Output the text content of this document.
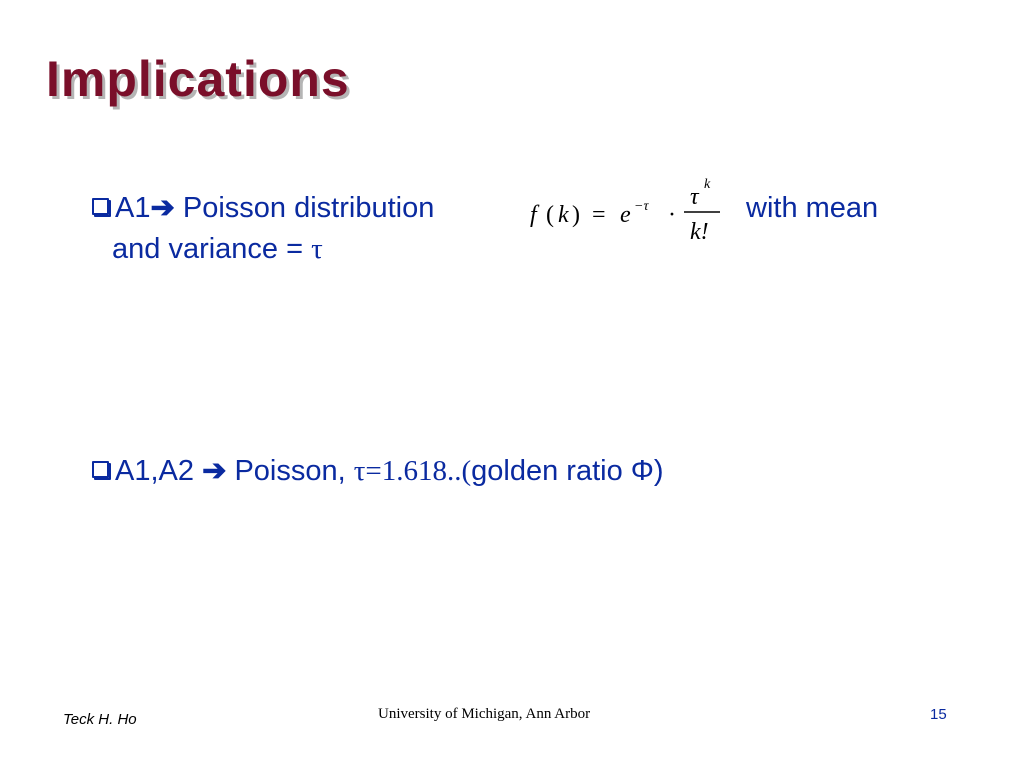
Implications
A1➔ Poisson distribution	f ( k ) = e −τ ·
τ k
k!
with mean
and variance = τ
A1,A2 ➔ Poisson, τ=1.618..(golden ratio Φ)
Teck H. Ho	University of Michigan, Ann Arbor	15
